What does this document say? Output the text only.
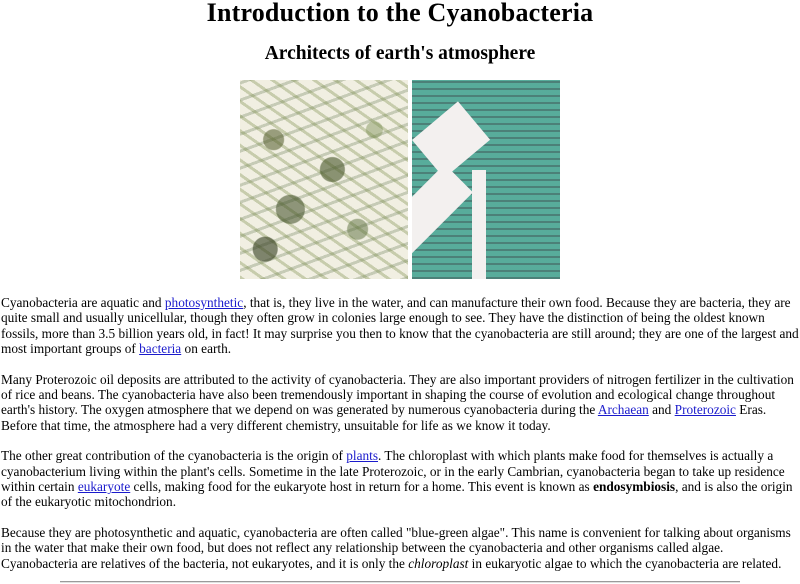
Introduction to the Cyanobacteria
Architects of earth's atmosphere

Cyanobacteria are aquatic and photosynthetic, that is, they live in the water, and can manufacture their own food. Because they are bacteria, they are quite small and usually unicellular, though they often grow in colonies large enough to see. They have the distinction of being the oldest known fossils, more than 3.5 billion years old, in fact! It may surprise you then to know that the cyanobacteria are still around; they are one of the largest and most important groups of bacteria on earth.

Many Proterozoic oil deposits are attributed to the activity of cyanobacteria. They are also important providers of nitrogen fertilizer in the cultivation of rice and beans. The cyanobacteria have also been tremendously important in shaping the course of evolution and ecological change throughout earth's history. The oxygen atmosphere that we depend on was generated by numerous cyanobacteria during the Archaean and Proterozoic Eras. Before that time, the atmosphere had a very different chemistry, unsuitable for life as we know it today.

The other great contribution of the cyanobacteria is the origin of plants. The chloroplast with which plants make food for themselves is actually a cyanobacterium living within the plant's cells. Sometime in the late Proterozoic, or in the early Cambrian, cyanobacteria began to take up residence within certain eukaryote cells, making food for the eukaryote host in return for a home. This event is known as endosymbiosis, and is also the origin of the eukaryotic mitochondrion.

Because they are photosynthetic and aquatic, cyanobacteria are often called "blue-green algae". This name is convenient for talking about organisms in the water that make their own food, but does not reflect any relationship between the cyanobacteria and other organisms called algae. Cyanobacteria are relatives of the bacteria, not eukaryotes, and it is only the chloroplast in eukaryotic algae to which the cyanobacteria are related.
